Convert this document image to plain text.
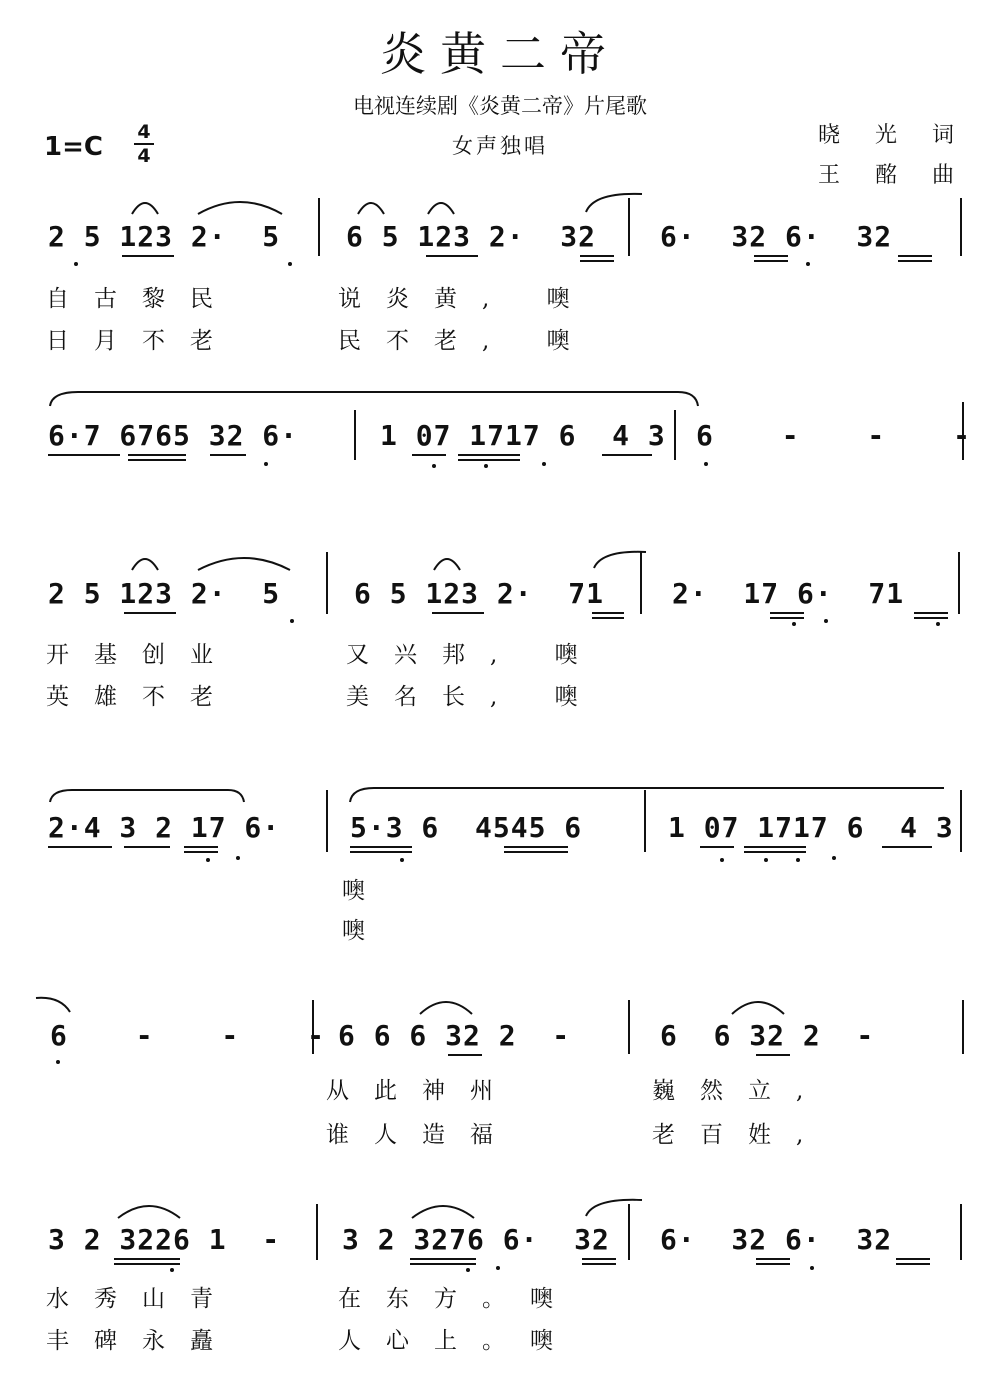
炎黄二帝
电视连续剧《炎黄二帝》片尾歌
女声独唱
1=C 4
4
晓 光 词
王 酩 曲
2 5 123 2·  5 6 5 123 2·  32 6·  32 6·  32
自古黎民	说炎黄, 噢
日月不老	民不老, 噢
6·7 6765 32 6·	1 07 1717 6  4 3 6 - - -
2 5 123 2·  5	6 5 123 2·  71 2·  17 6·  71
开基创业	又兴邦, 噢
英雄不老	美名长, 噢
2·4 3 2 17 6· 5·3 6  4545 6	1 07 1717 6  4 3
噢
噢
6 - - -
6 6 6 32 2  -	6  6 32 2  -
从此神州	巍然立,
谁人造福	老百姓,
3 2 3226 1  - 3 2 3276 6·  32 6·  32 6·  32
水秀山青	在东方。噢
丰碑永矗	人心上。噢
